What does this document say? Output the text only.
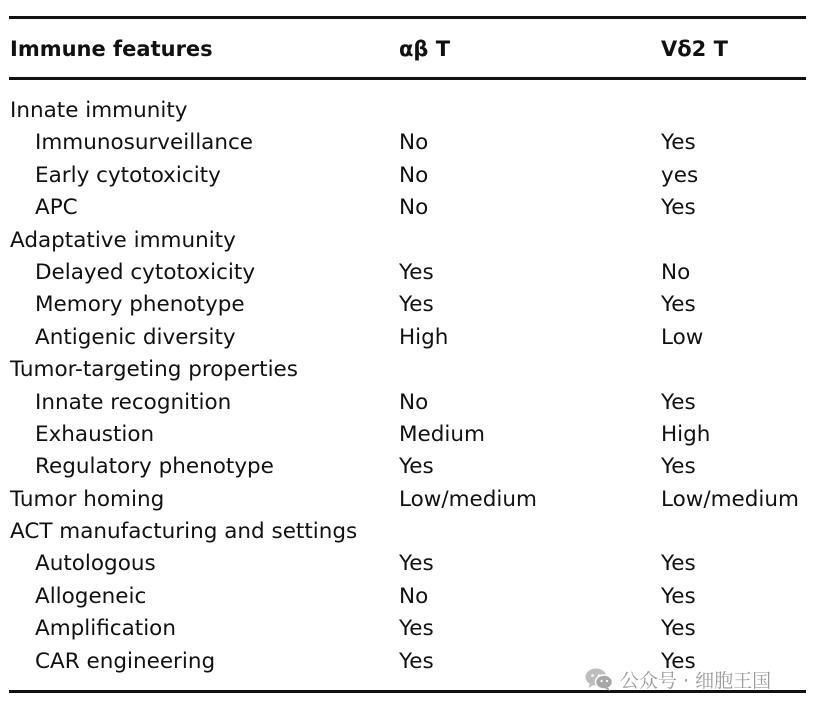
Immune features	αβ T	Vδ2 T
Innate immunity
Immunosurveillance	No	Yes
Early cytotoxicity	No	yes
APC	No	Yes
Adaptative immunity
Delayed cytotoxicity	Yes	No
Memory phenotype	Yes	Yes
Antigenic diversity	High	Low
Tumor-targeting properties
Innate recognition	No	Yes
Exhaustion	Medium	High
Regulatory phenotype	Yes	Yes
Tumor homing	Low/medium	Low/medium
ACT manufacturing and settings
Autologous	Yes	Yes
Allogeneic	No	Yes
Amplification	Yes	Yes
CAR engineering	Yes	Yes
公众号 · 细胞王国
